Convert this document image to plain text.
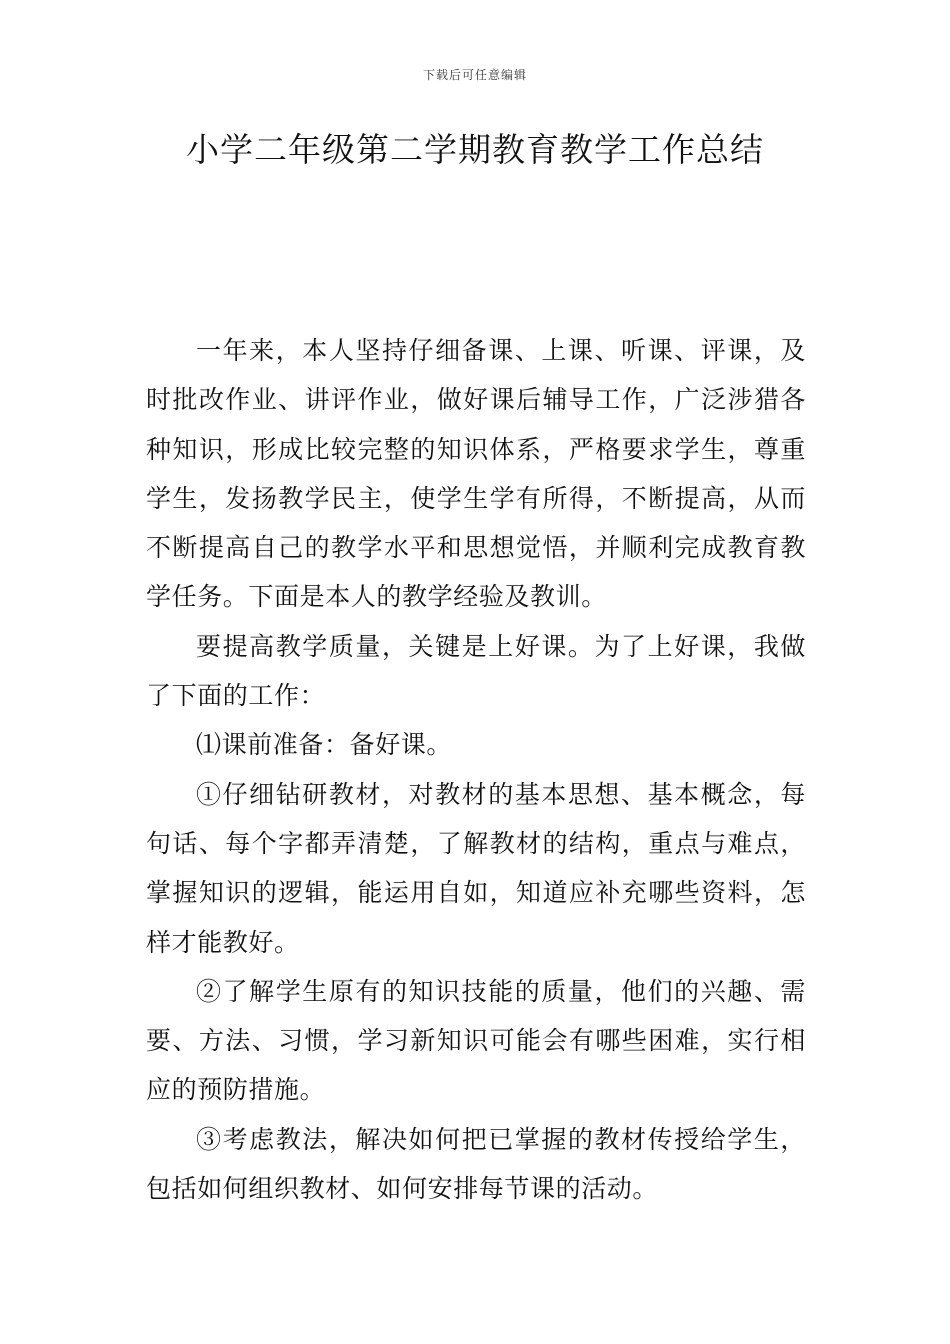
下载后可任意编辑
小学二年级第二学期教育教学工作总结

一年来，本人坚持仔细备课、上课、听课、评课，及时批改作业、讲评作业，做好课后辅导工作，广泛涉猎各种知识，形成比较完整的知识体系，严格要求学生，尊重学生，发扬教学民主，使学生学有所得，不断提高，从而不断提高自己的教学水平和思想觉悟，并顺利完成教育教学任务。下面是本人的教学经验及教训。

要提高教学质量，关键是上好课。为了上好课，我做了下面的工作：

⑴课前准备：备好课。

①仔细钻研教材，对教材的基本思想、基本概念，每句话、每个字都弄清楚，了解教材的结构，重点与难点，掌握知识的逻辑，能运用自如，知道应补充哪些资料，怎样才能教好。

②了解学生原有的知识技能的质量，他们的兴趣、需要、方法、习惯，学习新知识可能会有哪些困难，实行相应的预防措施。

③考虑教法，解决如何把已掌握的教材传授给学生，包括如何组织教材、如何安排每节课的活动。
